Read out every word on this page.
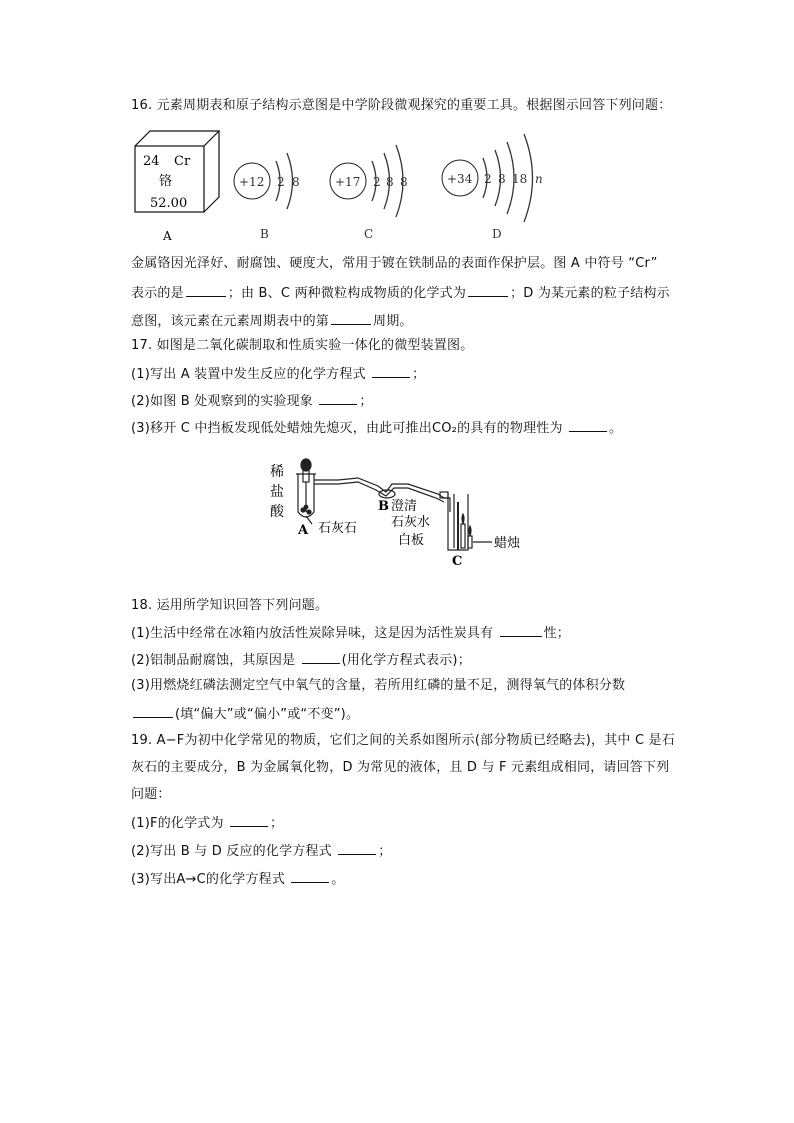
16. 元素周期表和原子结构示意图是中学阶段微观探究的重要工具。根据图示回答下列问题：
24 Cr
铬
52.00
A
+12 2 8
B
+17 2 8 8
C
+34 2 8 18 n
D
金属铬因光泽好、耐腐蚀、硬度大，常用于镀在铁制品的表面作保护层。图 A 中符号 “Cr”
表示的是	；由 B、C 两种微粒构成物质的化学式为	；D 为某元素的粒子结构示
意图，该元素在元素周期表中的第	周期。
17. 如图是二氧化碳制取和性质实验一体化的微型装置图。
(1)写出 A 装置中发生反应的化学方程式	；
(2)如图 B 处观察到的实验现象	；
(3)移开 C 中挡板发现低处蜡烛先熄灭，由此可推出CO₂的具有的物理性为	。
稀
盐
酸
A 石灰石
B 澄清
石灰水
白板	蜡烛
C
18. 运用所学知识回答下列问题。
(1)生活中经常在冰箱内放活性炭除异味，这是因为活性炭具有	性；
(2)铝制品耐腐蚀，其原因是	(用化学方程式表示)；
(3)用燃烧红磷法测定空气中氧气的含量，若所用红磷的量不足，测得氧气的体积分数
(填“偏大”或“偏小”或“不变”)。
19. A−F为初中化学常见的物质，它们之间的关系如图所示(部分物质已经略去)，其中 C 是石
灰石的主要成分，B 为金属氧化物，D 为常见的液体，且 D 与 F 元素组成相同，请回答下列
问题：
(1)F的化学式为	；
(2)写出 B 与 D 反应的化学方程式	；
(3)写出A→C的化学方程式	。
